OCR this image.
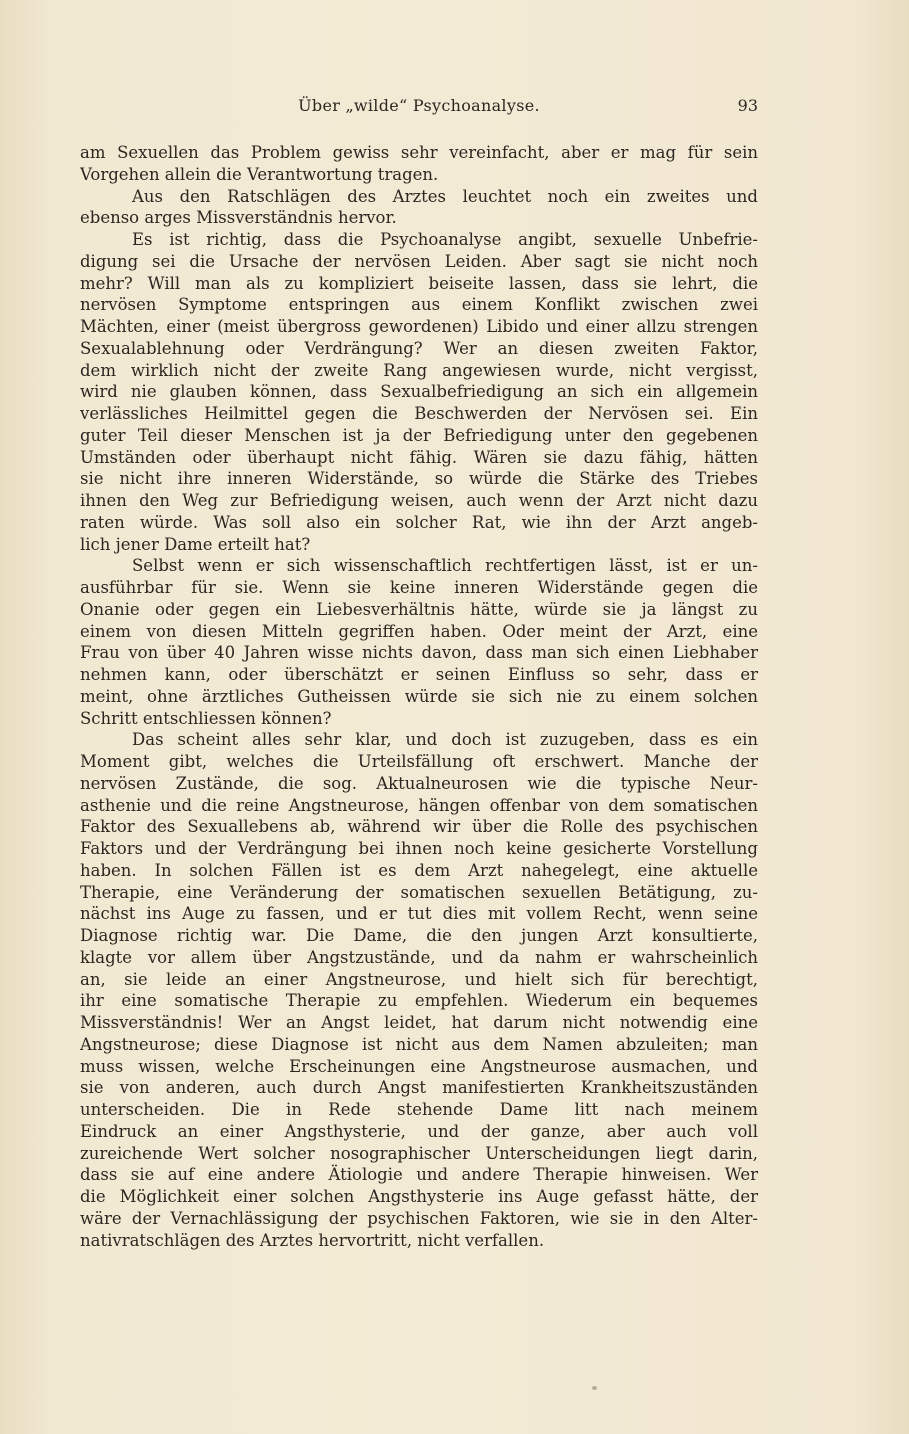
Über „wilde“ Psychoanalyse.	93
am Sexuellen das Problem gewiss sehr vereinfacht, aber er mag für sein
Vorgehen allein die Verantwortung tragen.
Aus den Ratschlägen des Arztes leuchtet noch ein zweites und
ebenso arges Missverständnis hervor.
Es ist richtig, dass die Psychoanalyse angibt, sexuelle Unbefrie-
digung sei die Ursache der nervösen Leiden. Aber sagt sie nicht noch
mehr? Will man als zu kompliziert beiseite lassen, dass sie lehrt, die
nervösen Symptome entspringen aus einem Konflikt zwischen zwei
Mächten, einer (meist übergross gewordenen) Libido und einer allzu strengen
Sexualablehnung oder Verdrängung? Wer an diesen zweiten Faktor,
dem wirklich nicht der zweite Rang angewiesen wurde, nicht vergisst,
wird nie glauben können, dass Sexualbefriedigung an sich ein allgemein
verlässliches Heilmittel gegen die Beschwerden der Nervösen sei. Ein
guter Teil dieser Menschen ist ja der Befriedigung unter den gegebenen
Umständen oder überhaupt nicht fähig. Wären sie dazu fähig, hätten
sie nicht ihre inneren Widerstände, so würde die Stärke des Triebes
ihnen den Weg zur Befriedigung weisen, auch wenn der Arzt nicht dazu
raten würde. Was soll also ein solcher Rat, wie ihn der Arzt angeb-
lich jener Dame erteilt hat?
Selbst wenn er sich wissenschaftlich rechtfertigen lässt, ist er un-
ausführbar für sie. Wenn sie keine inneren Widerstände gegen die
Onanie oder gegen ein Liebesverhältnis hätte, würde sie ja längst zu
einem von diesen Mitteln gegriffen haben. Oder meint der Arzt, eine
Frau von über 40 Jahren wisse nichts davon, dass man sich einen Liebhaber
nehmen kann, oder überschätzt er seinen Einfluss so sehr, dass er
meint, ohne ärztliches Gutheissen würde sie sich nie zu einem solchen
Schritt entschliessen können?
Das scheint alles sehr klar, und doch ist zuzugeben, dass es ein
Moment gibt, welches die Urteilsfällung oft erschwert. Manche der
nervösen Zustände, die sog. Aktualneurosen wie die typische Neur-
asthenie und die reine Angstneurose, hängen offenbar von dem somatischen
Faktor des Sexuallebens ab, während wir über die Rolle des psychischen
Faktors und der Verdrängung bei ihnen noch keine gesicherte Vorstellung
haben. In solchen Fällen ist es dem Arzt nahegelegt, eine aktuelle
Therapie, eine Veränderung der somatischen sexuellen Betätigung, zu-
nächst ins Auge zu fassen, und er tut dies mit vollem Recht, wenn seine
Diagnose richtig war. Die Dame, die den jungen Arzt konsultierte,
klagte vor allem über Angstzustände, und da nahm er wahrscheinlich
an, sie leide an einer Angstneurose, und hielt sich für berechtigt,
ihr eine somatische Therapie zu empfehlen. Wiederum ein bequemes
Missverständnis! Wer an Angst leidet, hat darum nicht notwendig eine
Angstneurose; diese Diagnose ist nicht aus dem Namen abzuleiten; man
muss wissen, welche Erscheinungen eine Angstneurose ausmachen, und
sie von anderen, auch durch Angst manifestierten Krankheitszuständen
unterscheiden. Die in Rede stehende Dame litt nach meinem
Eindruck an einer Angsthysterie, und der ganze, aber auch voll
zureichende Wert solcher nosographischer Unterscheidungen liegt darin,
dass sie auf eine andere Ätiologie und andere Therapie hinweisen. Wer
die Möglichkeit einer solchen Angsthysterie ins Auge gefasst hätte, der
wäre der Vernachlässigung der psychischen Faktoren, wie sie in den Alter-
nativratschlägen des Arztes hervortritt, nicht verfallen.
